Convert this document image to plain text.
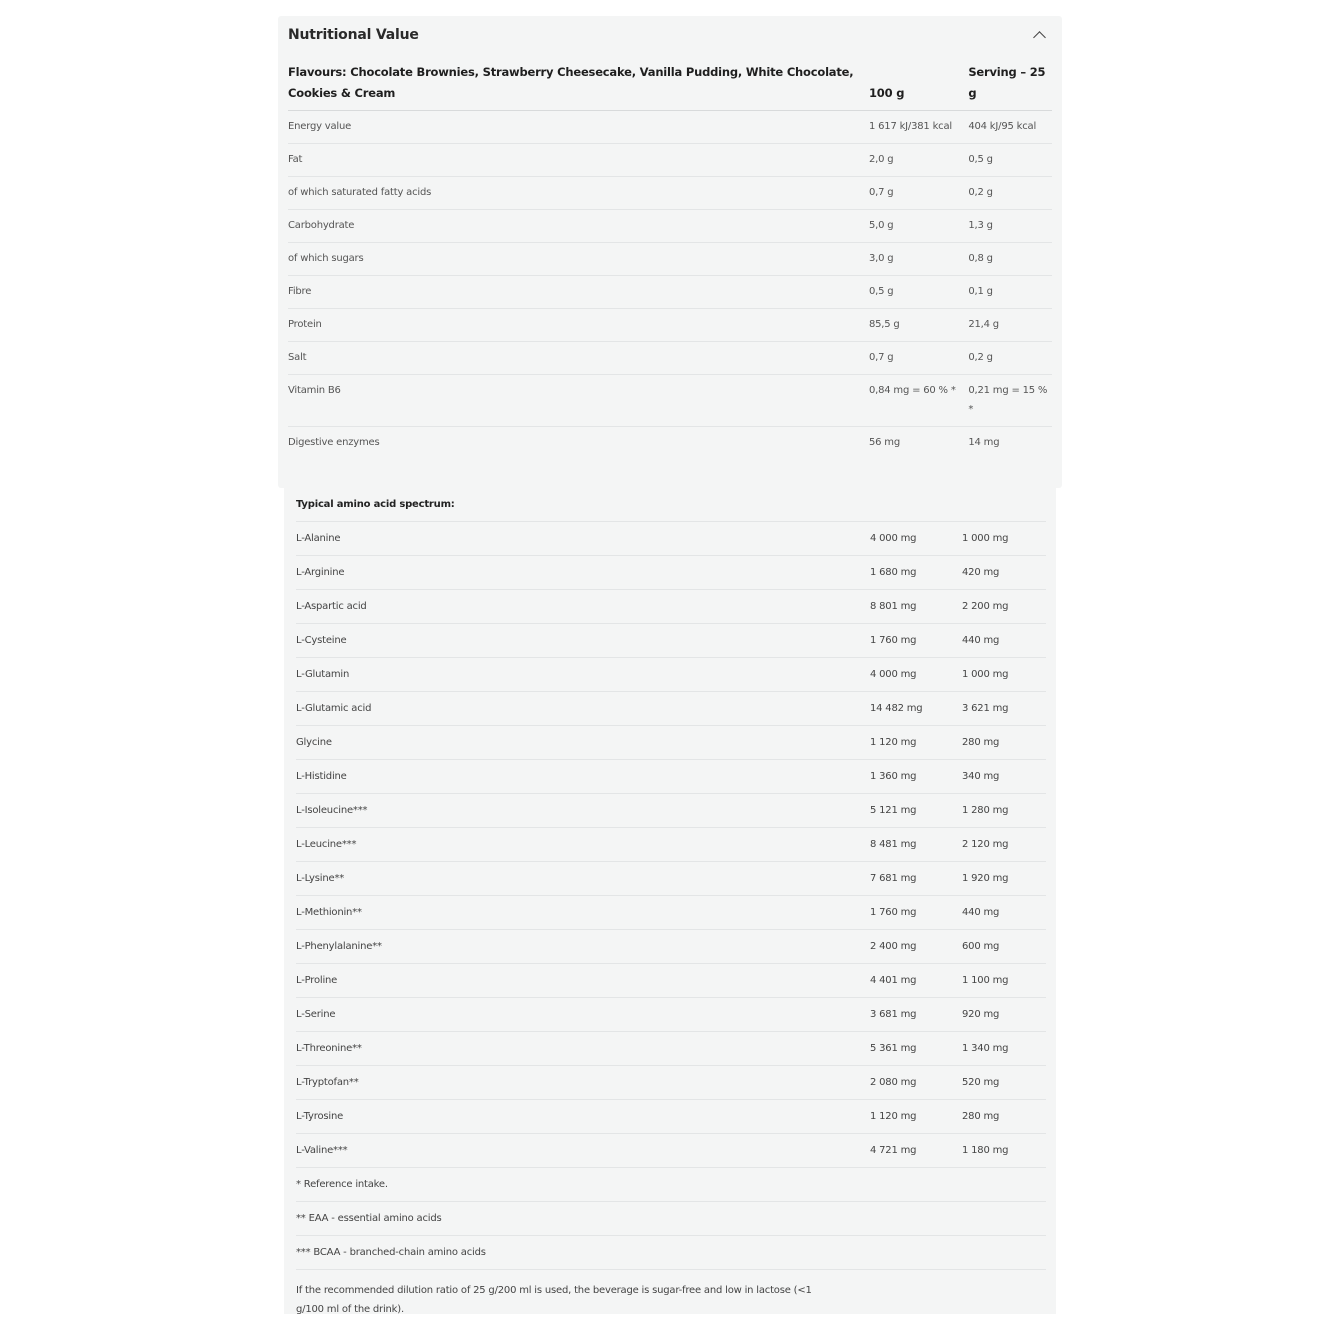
Nutritional Value
Flavours: Chocolate Brownies, Strawberry Cheesecake, Vanilla Pudding, White Chocolate, Cookies & Cream	100 g	Serving – 25 g
Energy value	1 617 kJ/381 kcal	404 kJ/95 kcal
Fat	2,0 g	0,5 g
of which saturated fatty acids	0,7 g	0,2 g
Carbohydrate	5,0 g	1,3 g
of which sugars	3,0 g	0,8 g
Fibre	0,5 g	0,1 g
Protein	85,5 g	21,4 g
Salt	0,7 g	0,2 g
Vitamin B6	0,84 mg = 60 % *	0,21 mg = 15 % *
Digestive enzymes	56 mg	14 mg
Typical amino acid spectrum:		
L-Alanine	4 000 mg	1 000 mg
L-Arginine	1 680 mg	420 mg
L-Aspartic acid	8 801 mg	2 200 mg
L-Cysteine	1 760 mg	440 mg
L-Glutamin	4 000 mg	1 000 mg
L-Glutamic acid	14 482 mg	3 621 mg
Glycine	1 120 mg	280 mg
L-Histidine	1 360 mg	340 mg
L-Isoleucine***	5 121 mg	1 280 mg
L-Leucine***	8 481 mg	2 120 mg
L-Lysine**	7 681 mg	1 920 mg
L-Methionin**	1 760 mg	440 mg
L-Phenylalanine**	2 400 mg	600 mg
L-Proline	4 401 mg	1 100 mg
L-Serine	3 681 mg	920 mg
L-Threonine**	5 361 mg	1 340 mg
L-Tryptofan**	2 080 mg	520 mg
L-Tyrosine	1 120 mg	280 mg
L-Valine***	4 721 mg	1 180 mg
* Reference intake.		
** EAA - essential amino acids		
*** BCAA - branched-chain amino acids		

If the recommended dilution ratio of 25 g/200 ml is used, the beverage is sugar-free and low in lactose (<1 g/100 ml of the drink).		
